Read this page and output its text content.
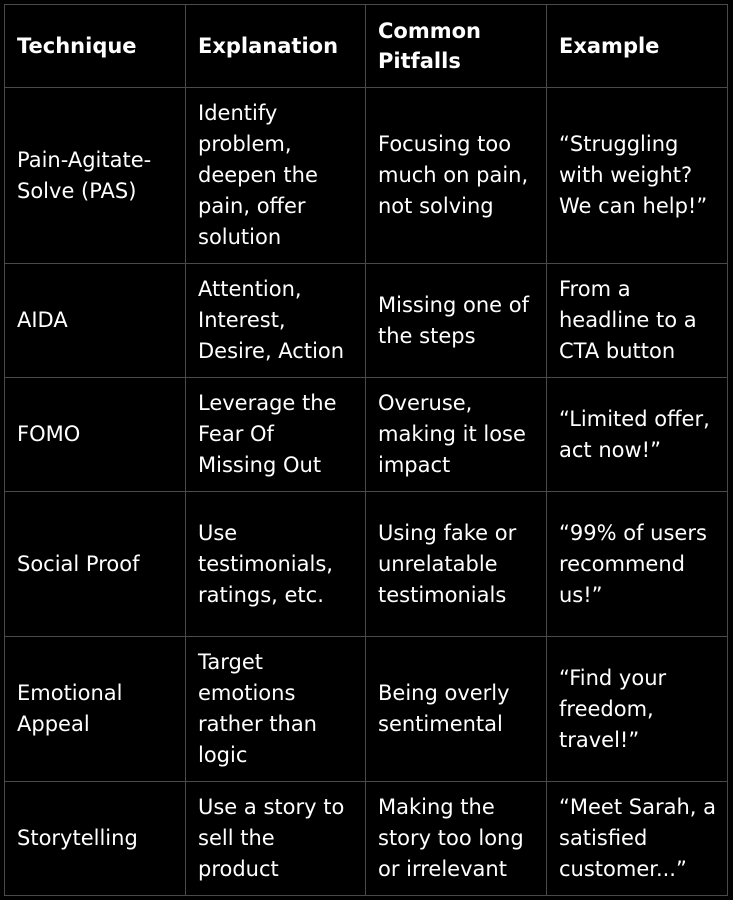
Technique	Explanation	Common Pitfalls	Example
Pain-Agitate-Solve (PAS)	Identify problem, deepen the pain, offer solution	Focusing too much on pain, not solving	“Struggling with weight? We can help!”
AIDA	Attention, Interest, Desire, Action	Missing one of the steps	From a headline to a CTA button
FOMO	Leverage the Fear Of Missing Out	Overuse, making it lose impact	“Limited offer, act now!”
Social Proof	Use testimonials, ratings, etc.	Using fake or unrelatable testimonials	“99% of users recommend us!”
Emotional Appeal	Target emotions rather than logic	Being overly sentimental	“Find your freedom, travel!”
Storytelling	Use a story to sell the product	Making the story too long or irrelevant	“Meet Sarah, a satisfied customer...”
